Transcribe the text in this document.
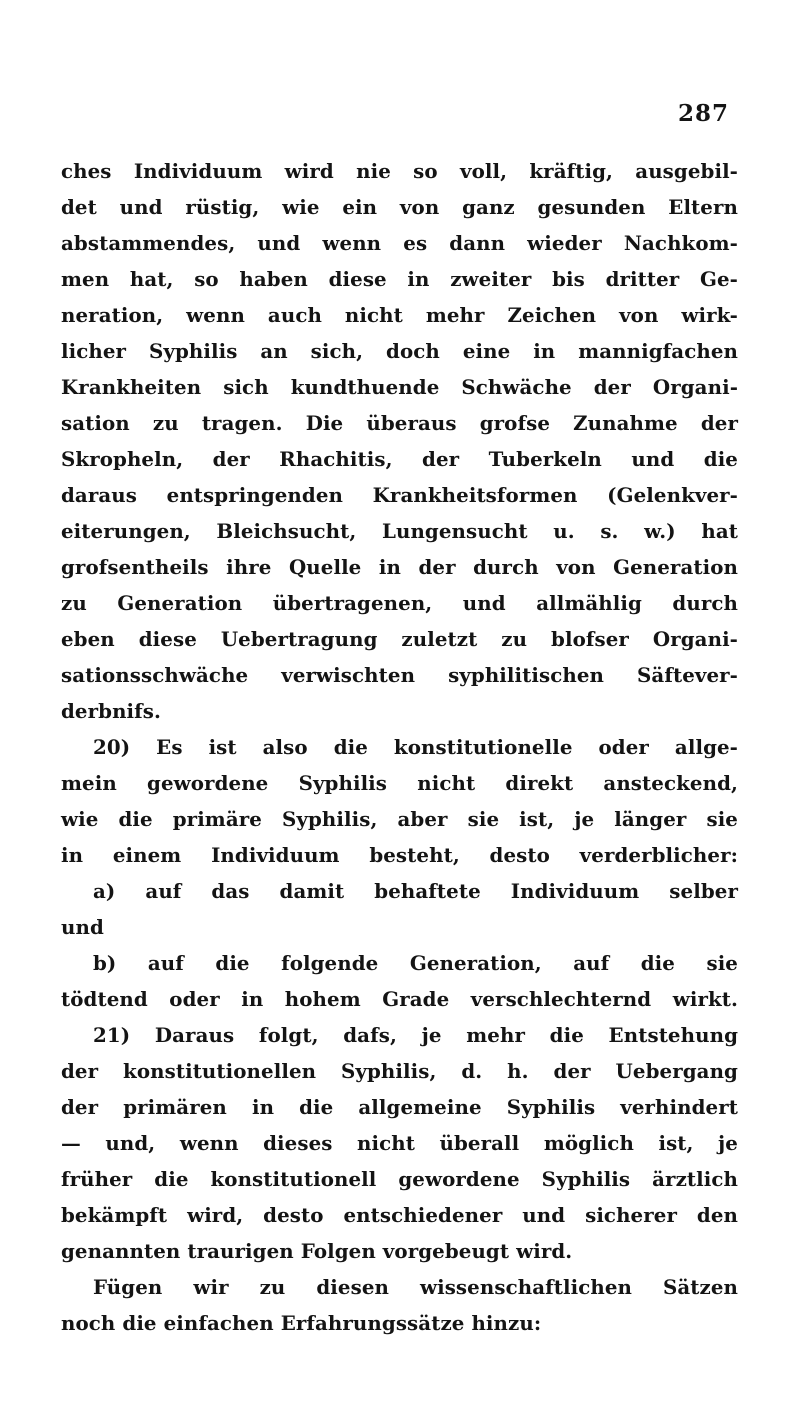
287
ches Individuum wird nie so voll, kräftig, ausgebil-
det und rüstig, wie ein von ganz gesunden Eltern
abstammendes, und wenn es dann wieder Nachkom-
men hat, so haben diese in zweiter bis dritter Ge-
neration, wenn auch nicht mehr Zeichen von wirk-
licher Syphilis an sich, doch eine in mannigfachen
Krankheiten sich kundthuende Schwäche der Organi-
sation zu tragen. Die überaus grofse Zunahme der
Skropheln, der Rhachitis, der Tuberkeln und die
daraus entspringenden Krankheitsformen (Gelenkver-
eiterungen, Bleichsucht, Lungensucht u. s. w.) hat
grofsentheils ihre Quelle in der durch von Generation
zu Generation übertragenen, und allmählig durch
eben diese Uebertragung zuletzt zu blofser Organi-
sationsschwäche verwischten syphilitischen Säftever-
derbnifs.
20) Es ist also die konstitutionelle oder allge-
mein gewordene Syphilis nicht direkt ansteckend,
wie die primäre Syphilis, aber sie ist, je länger sie
in einem Individuum besteht, desto verderblicher:
a) auf das damit behaftete Individuum selber
und
b) auf die folgende Generation, auf die sie
tödtend oder in hohem Grade verschlechternd wirkt.
21) Daraus folgt, dafs, je mehr die Entstehung
der konstitutionellen Syphilis, d. h. der Uebergang
der primären in die allgemeine Syphilis verhindert
— und, wenn dieses nicht überall möglich ist, je
früher die konstitutionell gewordene Syphilis ärztlich
bekämpft wird, desto entschiedener und sicherer den
genannten traurigen Folgen vorgebeugt wird.
Fügen wir zu diesen wissenschaftlichen Sätzen
noch die einfachen Erfahrungssätze hinzu:
